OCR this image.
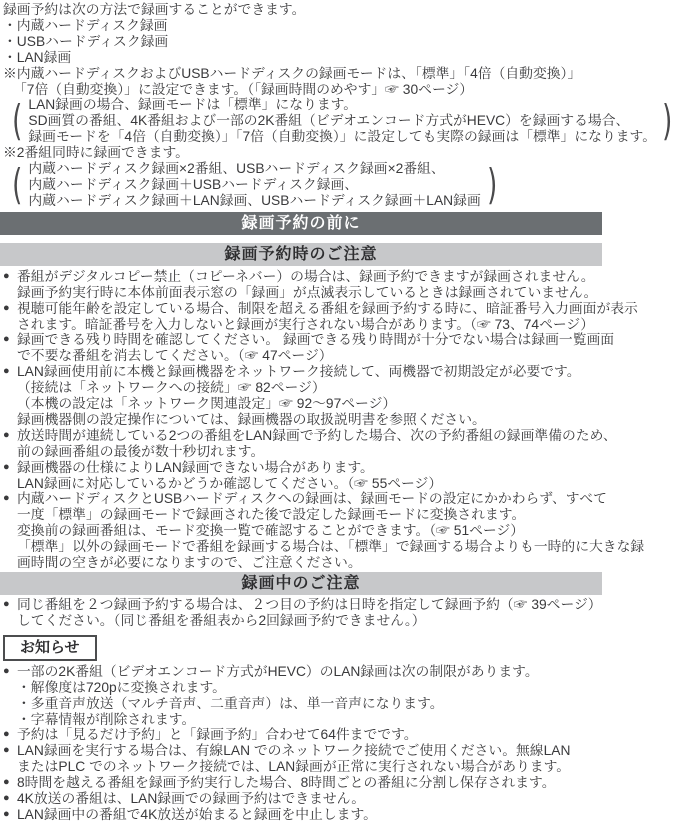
録画予約は次の方法で録画することができます。
・内蔵ハードディスク録画
・USBハードディスク録画
・LAN録画
※内蔵ハードディスクおよびUSBハードディスクの録画モードは、「標準」「4倍（自動変換）」
「7倍（自動変換）」に設定できます。（「録画時間のめやす」☞ 30ページ）
( LAN録画の場合、録画モードは「標準」になります。
SD画質の番組、4K番組および一部の2K番組（ビデオエンコード方式がHEVC）を録画する場合、
録画モードを「4倍（自動変換）」「7倍（自動変換）」に設定しても実際の録画は「標準」になります。 )
※2番組同時に録画できます。
( 内蔵ハードディスク録画×2番組、USBハードディスク録画×2番組、
内蔵ハードディスク録画＋USBハードディスク録画、
内蔵ハードディスク録画＋LAN録画、USBハードディスク録画＋LAN録画 )
録画予約の前に
録画予約時のご注意
● 番組がデジタルコピー禁止（コピーネバー）の場合は、録画予約できますが録画されません。
録画予約実行時に本体前面表示窓の「録画」が点滅表示しているときは録画されていません。
● 視聴可能年齢を設定している場合、制限を超える番組を録画予約する時に、暗証番号入力画面が表示
されます。暗証番号を入力しないと録画が実行されない場合があります。（☞ 73、74ページ）
● 録画できる残り時間を確認してください。 録画できる残り時間が十分でない場合は録画一覧画面
で不要な番組を消去してください。（☞ 47ページ）
● LAN録画使用前に本機と録画機器をネットワーク接続して、両機器で初期設定が必要です。
（接続は「ネットワークへの接続」☞ 82ページ）
（本機の設定は「ネットワーク関連設定」☞ 92～97ページ）
録画機器側の設定操作については、録画機器の取扱説明書を参照ください。
● 放送時間が連続している2つの番組をLAN録画で予約した場合、次の予約番組の録画準備のため、
前の録画番組の最後が数十秒切れます。
● 録画機器の仕様によりLAN録画できない場合があります。
LAN録画に対応しているかどうか確認してください。（☞ 55ページ）
● 内蔵ハードディスクとUSBハードディスクへの録画は、録画モードの設定にかかわらず、すべて
一度「標準」の録画モードで録画された後で設定した録画モードに変換されます。
変換前の録画番組は、モード変換一覧で確認することができます。（☞ 51ページ）
「標準」以外の録画モードで番組を録画する場合は、「標準」で録画する場合よりも一時的に大きな録
画時間の空きが必要になりますので、ご注意ください。
録画中のご注意
● 同じ番組を２つ録画予約する場合は、２つ目の予約は日時を指定して録画予約（☞ 39ページ）
してください。（同じ番組を番組表から2回録画予約できません。）
お知らせ
● 一部の2K番組（ビデオエンコード方式がHEVC）のLAN録画は次の制限があります。
・解像度は720pに変換されます。
・多重音声放送（マルチ音声、二重音声）は、単一音声になります。
・字幕情報が削除されます。
● 予約は「見るだけ予約」と「録画予約」合わせて64件までです。
● LAN録画を実行する場合は、有線LAN でのネットワーク接続でご使用ください。無線LAN
またはPLC でのネットワーク接続では、LAN録画が正常に実行されない場合があります。
● 8時間を越える番組を録画予約実行した場合、8時間ごとの番組に分割し保存されます。
● 4K放送の番組は、LAN録画での録画予約はできません。
● LAN録画中の番組で4K放送が始まると録画を中止します。
